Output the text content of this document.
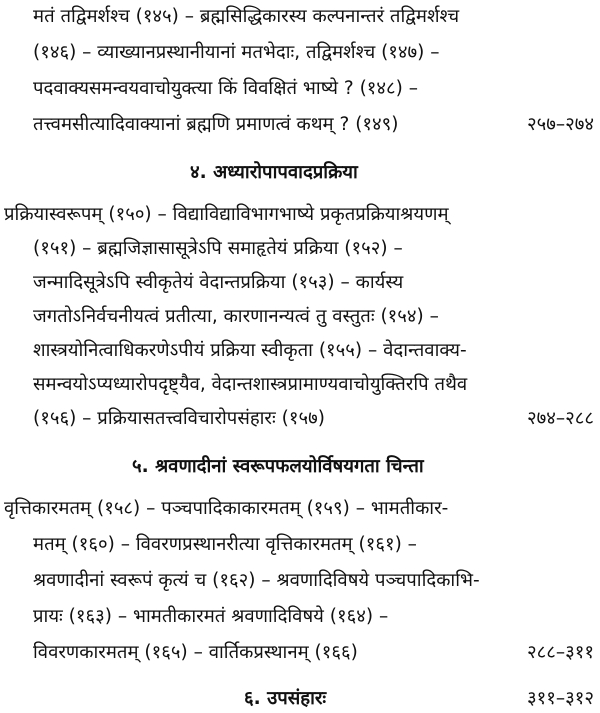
मतं तद्विमर्शश्च (१४५) – ब्रह्मसिद्धिकारस्य कल्पनान्तरं तद्विमर्शश्च
(१४६) – व्याख्यानप्रस्थानीयानां मतभेदाः, तद्विमर्शश्च (१४७) –
पदवाक्यसमन्वयवाचोयुक्त्या किं विवक्षितं भाष्ये ? (१४८) –
तत्त्वमसीत्यादिवाक्यानां ब्रह्मणि प्रमाणत्वं कथम् ? (१४९)	२५७–२७४
४. अध्यारोपापवादप्रक्रिया
प्रक्रियास्वरूपम् (१५०) – विद्याविद्याविभागभाष्ये प्रकृतप्रक्रियाश्रयणम्
(१५१) – ब्रह्मजिज्ञासासूत्रेऽपि समाहृतेयं प्रक्रिया (१५२) –
जन्मादिसूत्रेऽपि स्वीकृतेयं वेदान्तप्रक्रिया (१५३) – कार्यस्य
जगतोऽनिर्वचनीयत्वं प्रतीत्या, कारणानन्यत्वं तु वस्तुतः (१५४) –
शास्त्रयोनित्वाधिकरणेऽपीयं प्रक्रिया स्वीकृता (१५५) – वेदान्तवाक्य-
समन्वयोऽप्यध्यारोपदृष्ट्यैव, वेदान्तशास्त्रप्रामाण्यवाचोयुक्तिरपि तथैव
(१५६) – प्रक्रियासतत्त्वविचारोपसंहारः (१५७)	२७४–२८८
५. श्रवणादीनां स्वरूपफलयोर्विषयगता चिन्ता
वृत्तिकारमतम् (१५८) – पञ्चपादिकाकारमतम् (१५९) – भामतीकार-
मतम् (१६०) – विवरणप्रस्थानरीत्या वृत्तिकारमतम् (१६१) –
श्रवणादीनां स्वरूपं कृत्यं च (१६२) – श्रवणादिविषये पञ्चपादिकाभि-
प्रायः (१६३) – भामतीकारमतं श्रवणादिविषये (१६४) –
विवरणकारमतम् (१६५) – वार्तिकप्रस्थानम् (१६६)	२८८–३११
६. उपसंहारः	३११–३१२
